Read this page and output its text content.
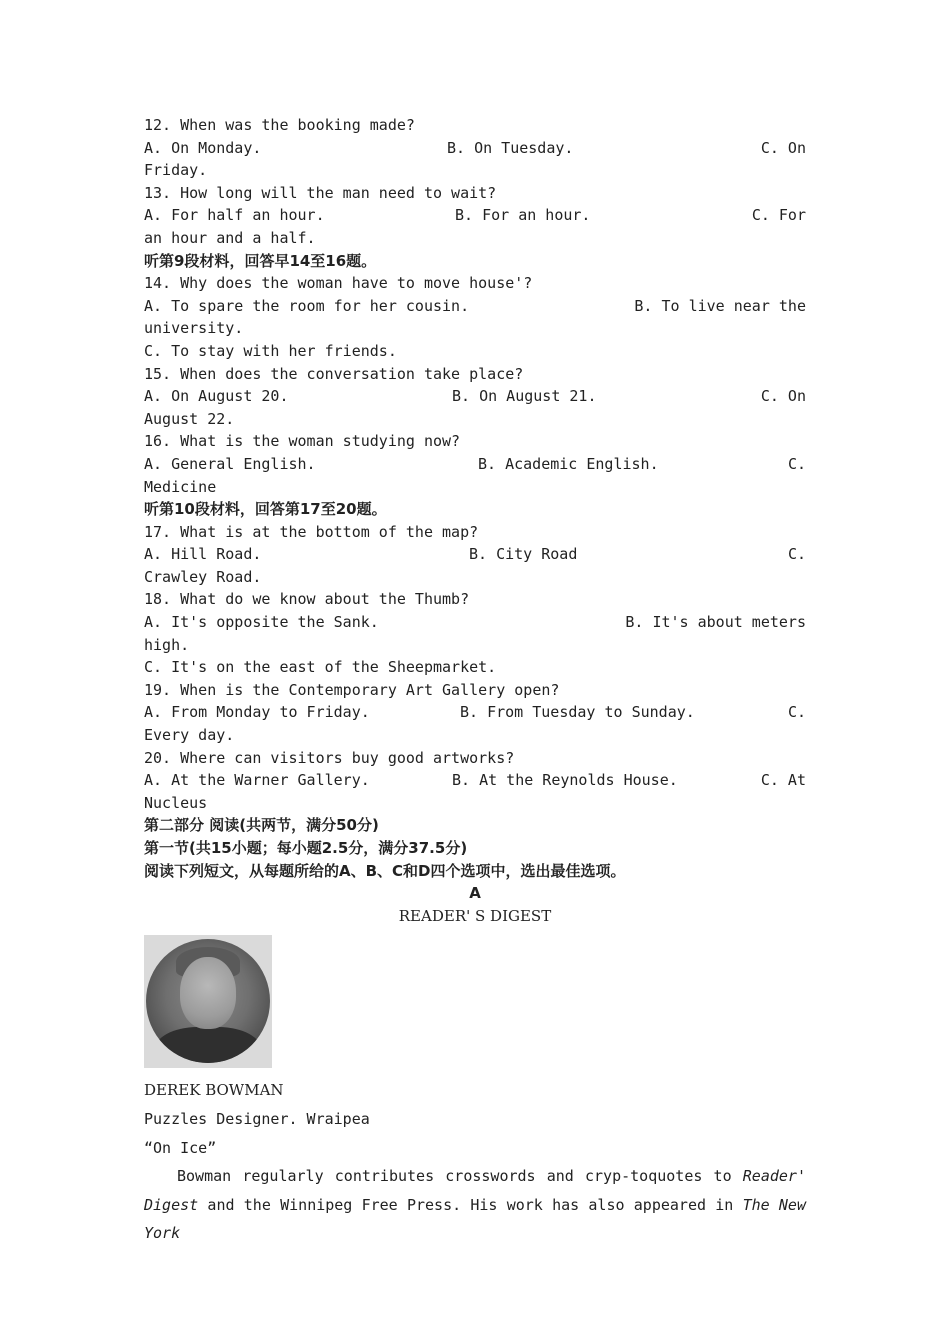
12. When was the booking made?

A. On Monday.

	B. On Tuesday.

	C. On

Friday.
13. How long will the man need to wait?

A. For half an hour.

	B. For an hour.

	C. For

an hour and a half.
听第9段材料，回答早14至16题。
14. Why does the woman have to move house'?

A. To spare the room for her cousin.

	B. To live near the

university.
C. To stay with her friends.
15. When does the conversation take place?

A. On August 20.

	B. On August 21.

	C. On

August 22.
16. What is the woman studying now?

A. General English.

	B. Academic English.

	C.

Medicine
听第10段材料，回答第17至20题。
17. What is at the bottom of the map?

A. Hill Road.

	B. City Road

	C.

Crawley Road.
18. What do we know about the Thumb?

A. It's opposite the Sank.

	B. It's about meters

high.
C. It's on the east of the Sheepmarket.
19. When is the Contemporary Art Gallery open?

A. From Monday to Friday.

	B. From Tuesday to Sunday.

	C.

Every day.
20. Where can visitors buy good artworks?

A. At the Warner Gallery.

	B. At the Reynolds House.

	C. At

Nucleus
第二部分 阅读(共两节，满分50分)
第一节(共15小题；每小题2.5分，满分37.5分)
阅读下列短文，从每题所给的A、B、C和D四个选项中，选出最佳选项。
A
READER' S DIGEST
DEREK BOWMAN
Puzzles Designer. Wraipea
“On Ice”
Bowman regularly contributes crosswords and cryp-toquotes to Reader' Digest and the Winnipeg Free Press. His work has also appeared in The New York
